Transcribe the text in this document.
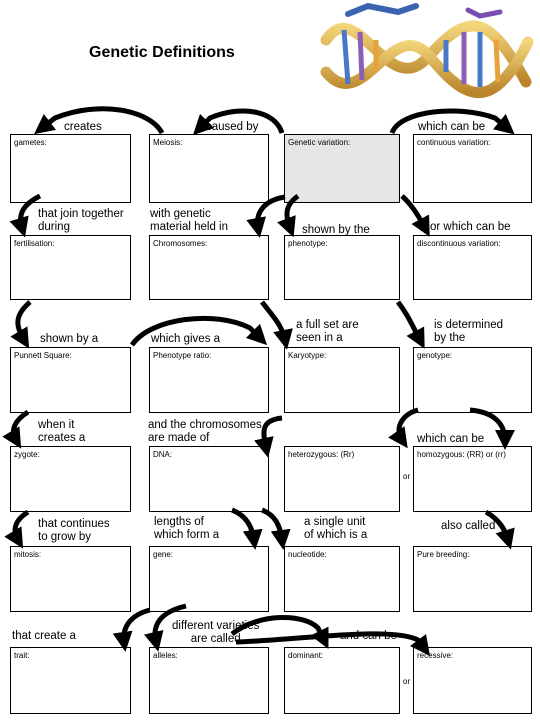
Genetic Definitions
gametes:	Meiosis:	Genetic variation:	continuous variation:
fertilisation:	Chromosomes:	phenotype:	discontinuous variation:
Punnett Square:	Phenotype ratio:	Karyotype:	genotype:
zygote:	DNA:	heterozygous: (Rr)	homozygous: (RR) or (rr)
mitosis:	gene:	nucleotide:	Pure breeding:
trait:	alleles:	dominant:	recessive:
or
or
creates	caused by	which can be
that join together
during
with genetic
material held in	shown by the	or which can be
shown by a	which gives a
a full set are
seen in a
is determined
by the
when it
creates a
and the chromosomes
are made of	which can be
that continues
to grow by
lengths of
which form a
a single unit
of which is a
also called
that create a
different varieties
are called	and can be
